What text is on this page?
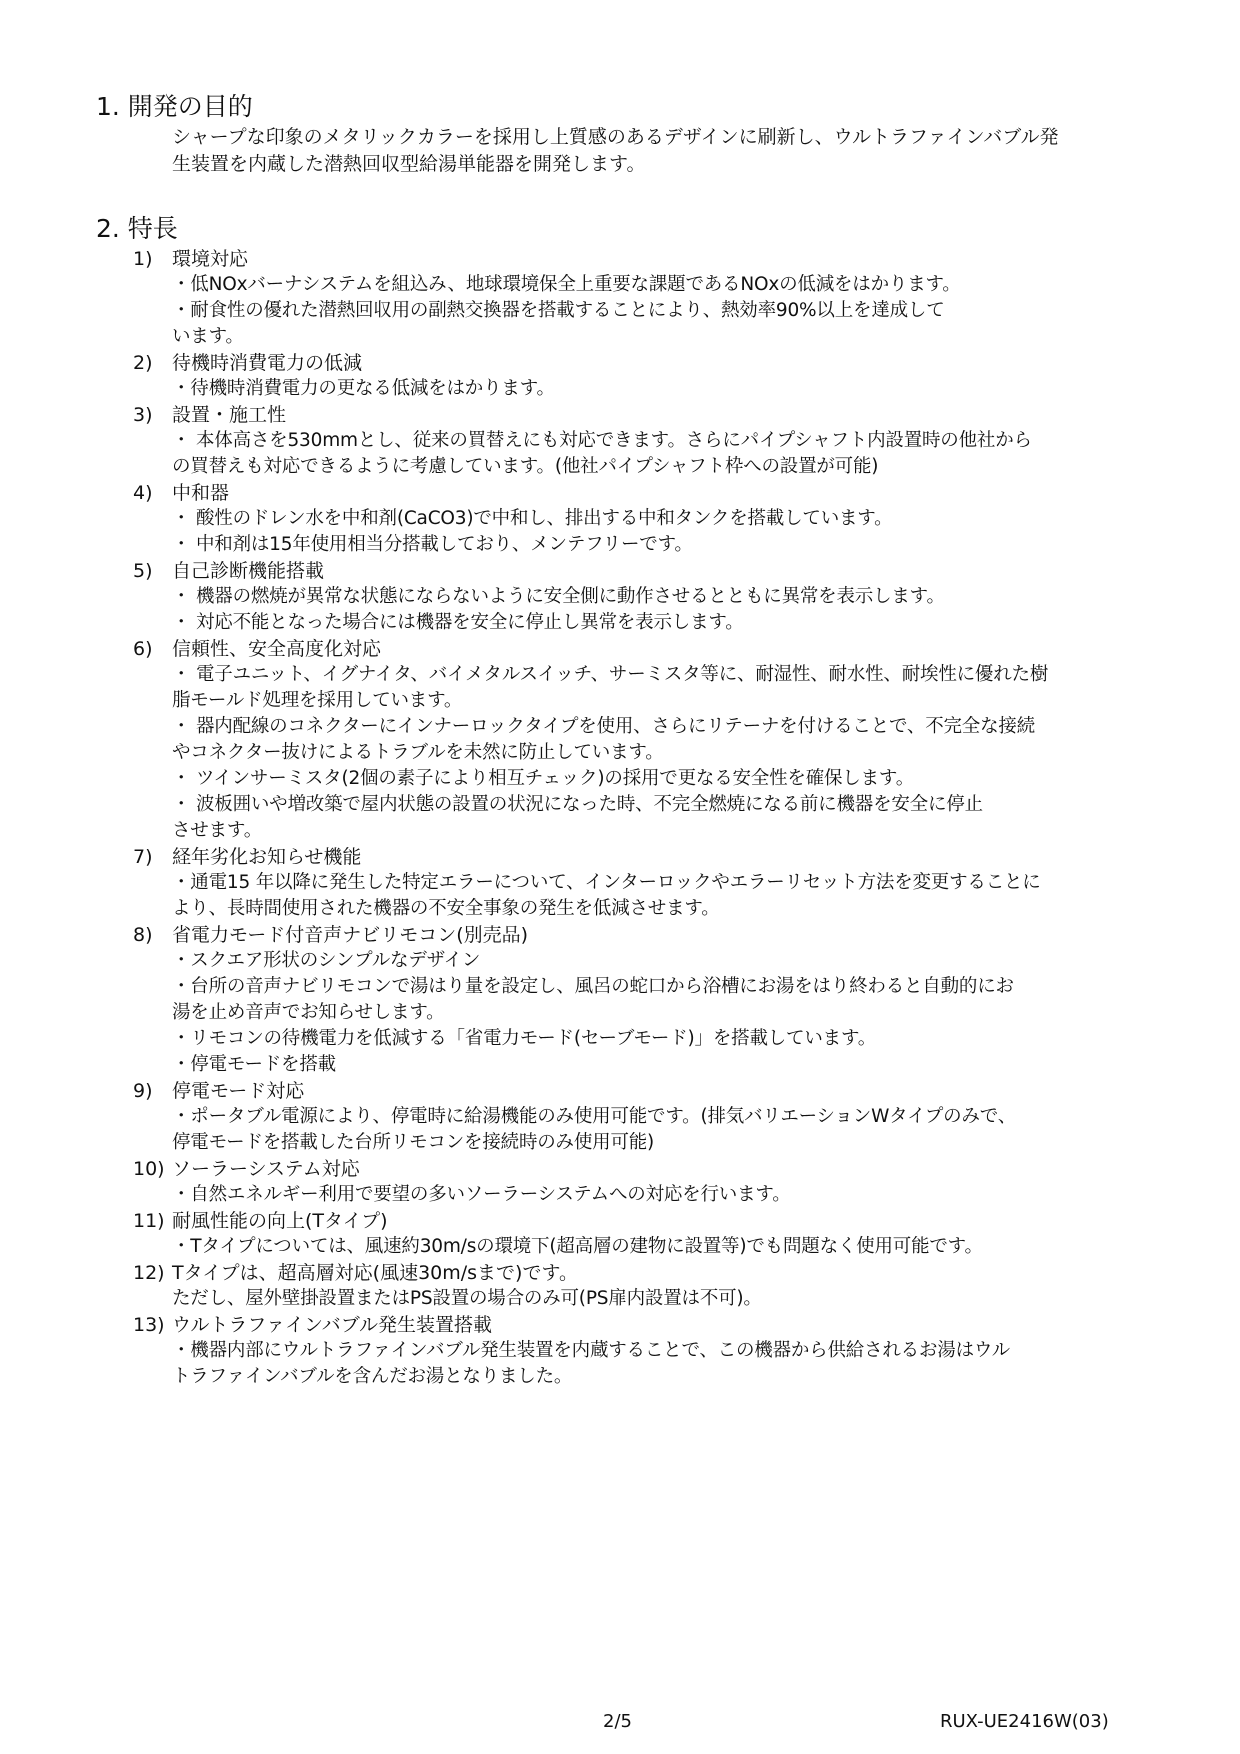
1. 開発の目的
シャープな印象のメタリックカラーを採用し上質感のあるデザインに刷新し、ウルトラファインバブル発
生装置を内蔵した潜熱回収型給湯単能器を開発します。
2. 特長
1) 環境対応
・低NOxバーナシステムを組込み、地球環境保全上重要な課題であるNOxの低減をはかります。
・耐食性の優れた潜熱回収用の副熱交換器を搭載することにより、熱効率90%以上を達成して
います。
2) 待機時消費電力の低減
・待機時消費電力の更なる低減をはかります。
3) 設置・施工性
・ 本体高さを530mmとし、従来の買替えにも対応できます。さらにパイプシャフト内設置時の他社から
の買替えも対応できるように考慮しています。(他社パイプシャフト枠への設置が可能)
4) 中和器
・ 酸性のドレン水を中和剤(CaCO3)で中和し、排出する中和タンクを搭載しています。
・ 中和剤は15年使用相当分搭載しており、メンテフリーです。
5) 自己診断機能搭載
・ 機器の燃焼が異常な状態にならないように安全側に動作させるとともに異常を表示します。
・ 対応不能となった場合には機器を安全に停止し異常を表示します。
6) 信頼性、安全高度化対応
・ 電子ユニット、イグナイタ、バイメタルスイッチ、サーミスタ等に、耐湿性、耐水性、耐埃性に優れた樹
脂モールド処理を採用しています。
・ 器内配線のコネクターにインナーロックタイプを使用、さらにリテーナを付けることで、不完全な接続
やコネクター抜けによるトラブルを未然に防止しています。
・ ツインサーミスタ(2個の素子により相互チェック)の採用で更なる安全性を確保します。
・ 波板囲いや増改築で屋内状態の設置の状況になった時、不完全燃焼になる前に機器を安全に停止
させます。
7) 経年劣化お知らせ機能
・通電15 年以降に発生した特定エラーについて、インターロックやエラーリセット方法を変更することに
より、長時間使用された機器の不安全事象の発生を低減させます。
8) 省電力モード付音声ナビリモコン(別売品)
・スクエア形状のシンプルなデザイン
・台所の音声ナビリモコンで湯はり量を設定し、風呂の蛇口から浴槽にお湯をはり終わると自動的にお
湯を止め音声でお知らせします。
・リモコンの待機電力を低減する「省電力モード(セーブモード)」を搭載しています。
・停電モードを搭載
9) 停電モード対応
・ポータブル電源により、停電時に給湯機能のみ使用可能です。(排気バリエーションWタイプのみで、
停電モードを搭載した台所リモコンを接続時のみ使用可能)
10) ソーラーシステム対応
・自然エネルギー利用で要望の多いソーラーシステムへの対応を行います。
11) 耐風性能の向上(Tタイプ)
・Tタイプについては、風速約30m/sの環境下(超高層の建物に設置等)でも問題なく使用可能です。
12) Tタイプは、超高層対応(風速30m/sまで)です。
ただし、屋外壁掛設置またはPS設置の場合のみ可(PS扉内設置は不可)。
13) ウルトラファインバブル発生装置搭載
・機器内部にウルトラファインバブル発生装置を内蔵することで、この機器から供給されるお湯はウル
トラファインバブルを含んだお湯となりました。
2/5	RUX-UE2416W(03)
